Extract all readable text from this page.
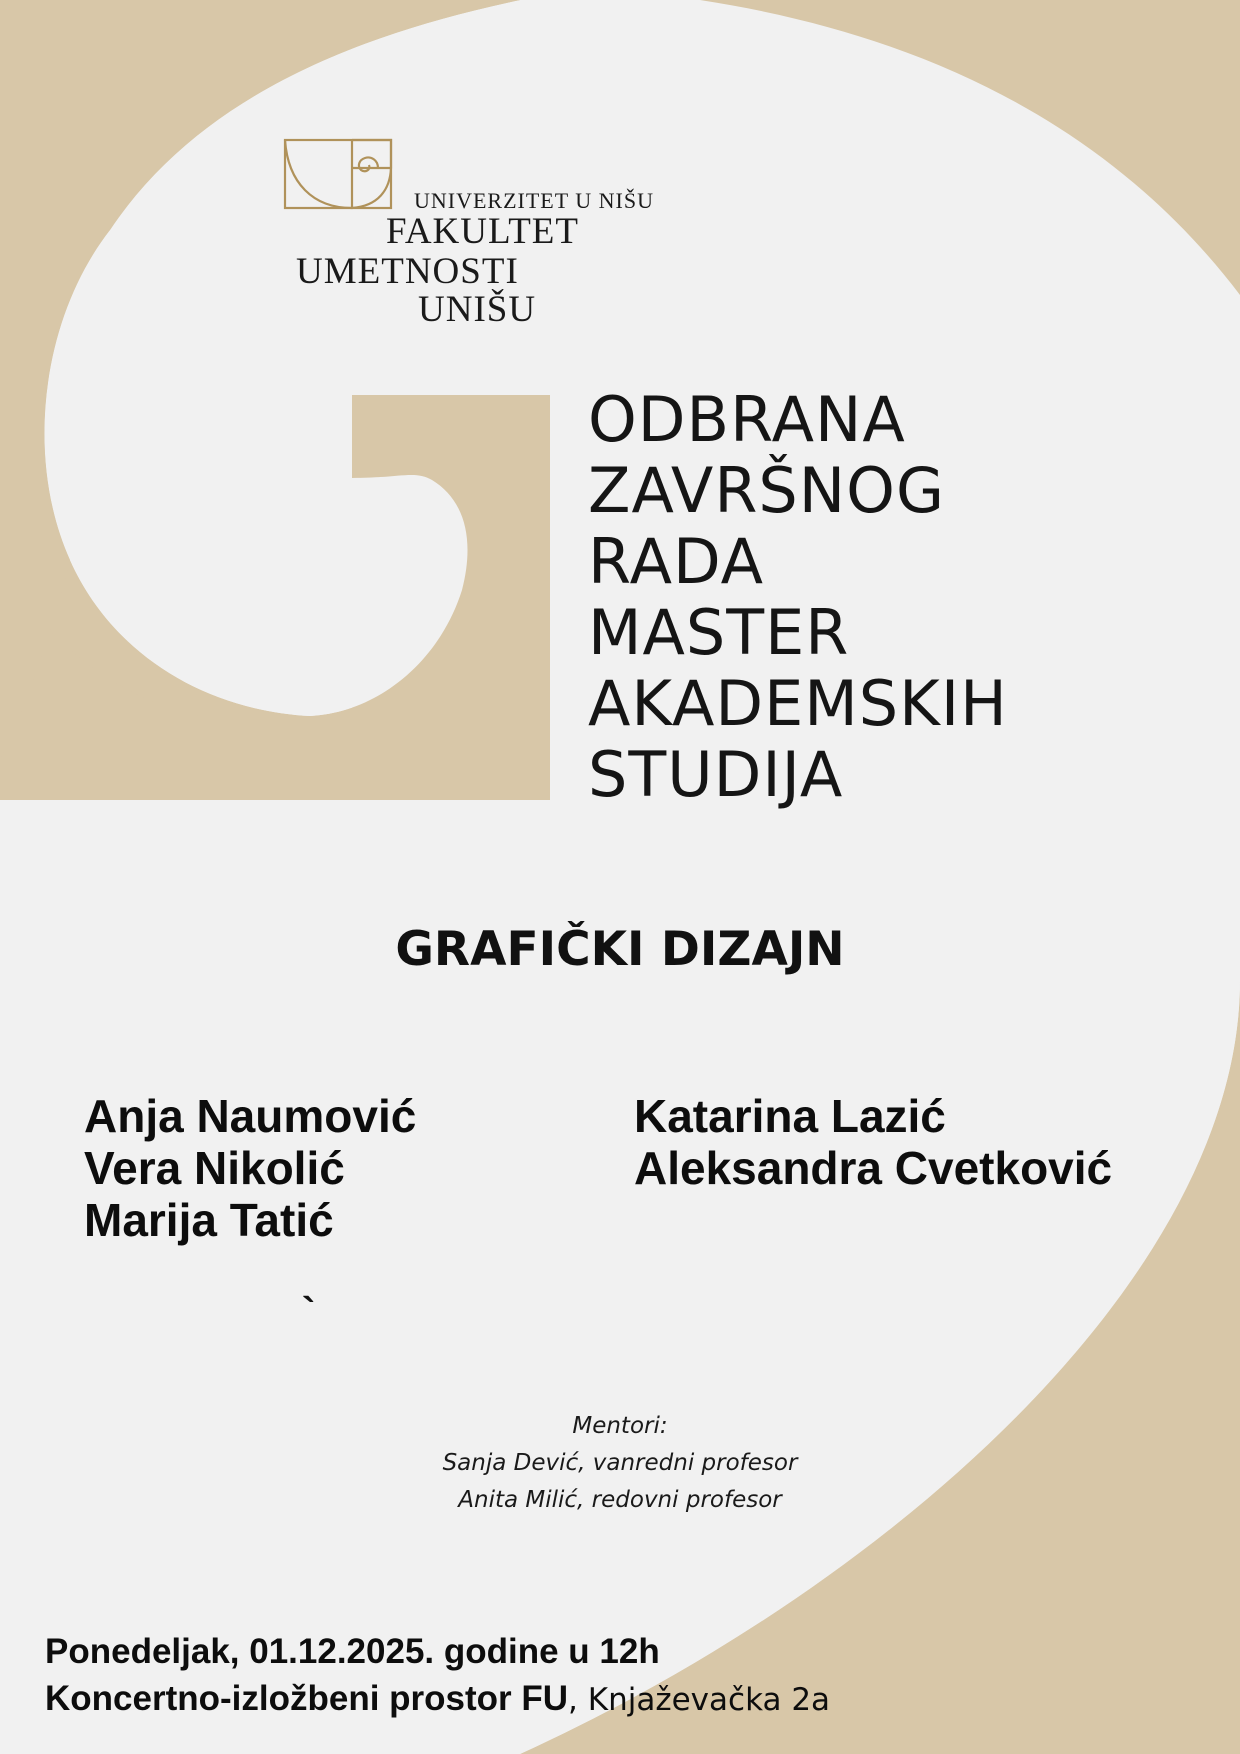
UNIVERZITET U NIŠU
FAKULTET
UMETNOSTI
UNIŠU
ODBRANA
ZAVRŠNOG
RADA
MASTER
AKADEMSKIH
STUDIJA
GRAFIČKI DIZAJN
Anja Naumović
Vera Nikolić
Marija Tatić
Katarina Lazić
Aleksandra Cvetković
`
Mentori:
Sanja Dević, vanredni profesor
Anita Milić, redovni profesor
Ponedeljak, 01.12.2025. godine u 12h
Koncertno-izložbeni prostor FU, Knjaževačka 2a
